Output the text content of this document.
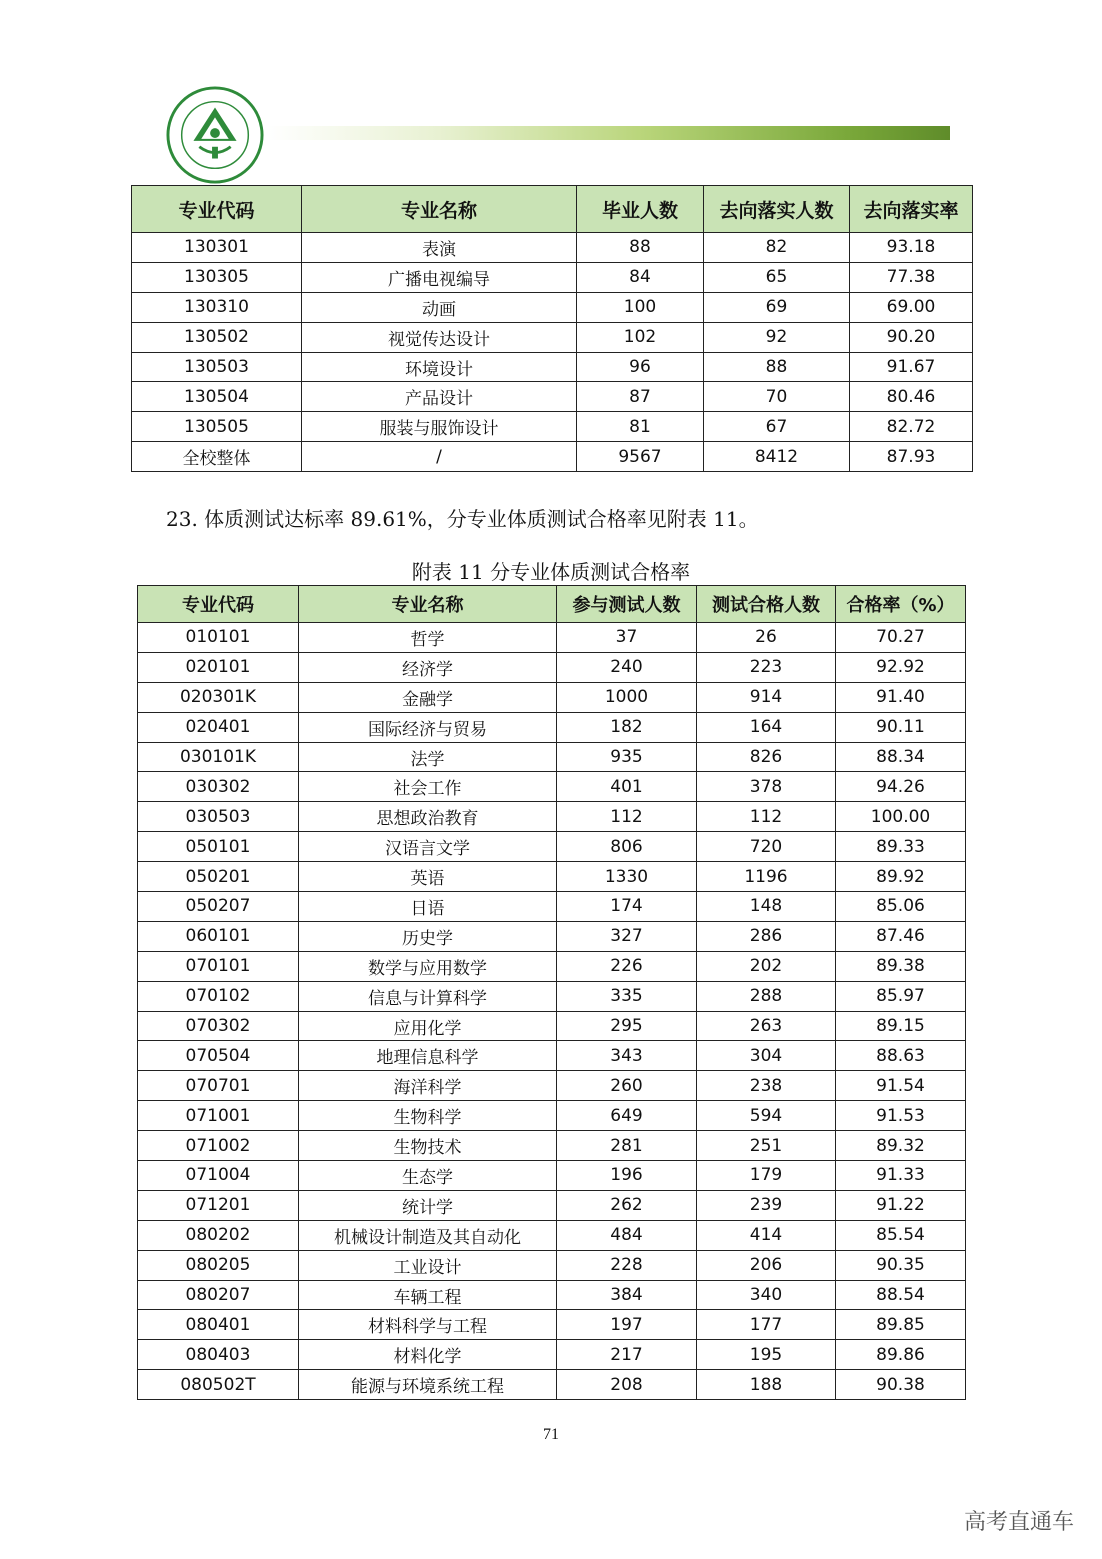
专业代码	专业名称	毕业人数	去向落实人数	去向落实率
130301	表演	88	82	93.18
130305	广播电视编导	84	65	77.38
130310	动画	100	69	69.00
130502	视觉传达设计	102	92	90.20
130503	环境设计	96	88	91.67
130504	产品设计	87	70	80.46
130505	服装与服饰设计	81	67	82.72
全校整体	/	9567	8412	87.93
23. 体质测试达标率 89.61%，分专业体质测试合格率见附表 11。
附表 11 分专业体质测试合格率
专业代码	专业名称	参与测试人数	测试合格人数	合格率（%）
010101	哲学	37	26	70.27
020101	经济学	240	223	92.92
020301K	金融学	1000	914	91.40
020401	国际经济与贸易	182	164	90.11
030101K	法学	935	826	88.34
030302	社会工作	401	378	94.26
030503	思想政治教育	112	112	100.00
050101	汉语言文学	806	720	89.33
050201	英语	1330	1196	89.92
050207	日语	174	148	85.06
060101	历史学	327	286	87.46
070101	数学与应用数学	226	202	89.38
070102	信息与计算科学	335	288	85.97
070302	应用化学	295	263	89.15
070504	地理信息科学	343	304	88.63
070701	海洋科学	260	238	91.54
071001	生物科学	649	594	91.53
071002	生物技术	281	251	89.32
071004	生态学	196	179	91.33
071201	统计学	262	239	91.22
080202	机械设计制造及其自动化	484	414	85.54
080205	工业设计	228	206	90.35
080207	车辆工程	384	340	88.54
080401	材料科学与工程	197	177	89.85
080403	材料化学	217	195	89.86
080502T	能源与环境系统工程	208	188	90.38
71
高考直通车
